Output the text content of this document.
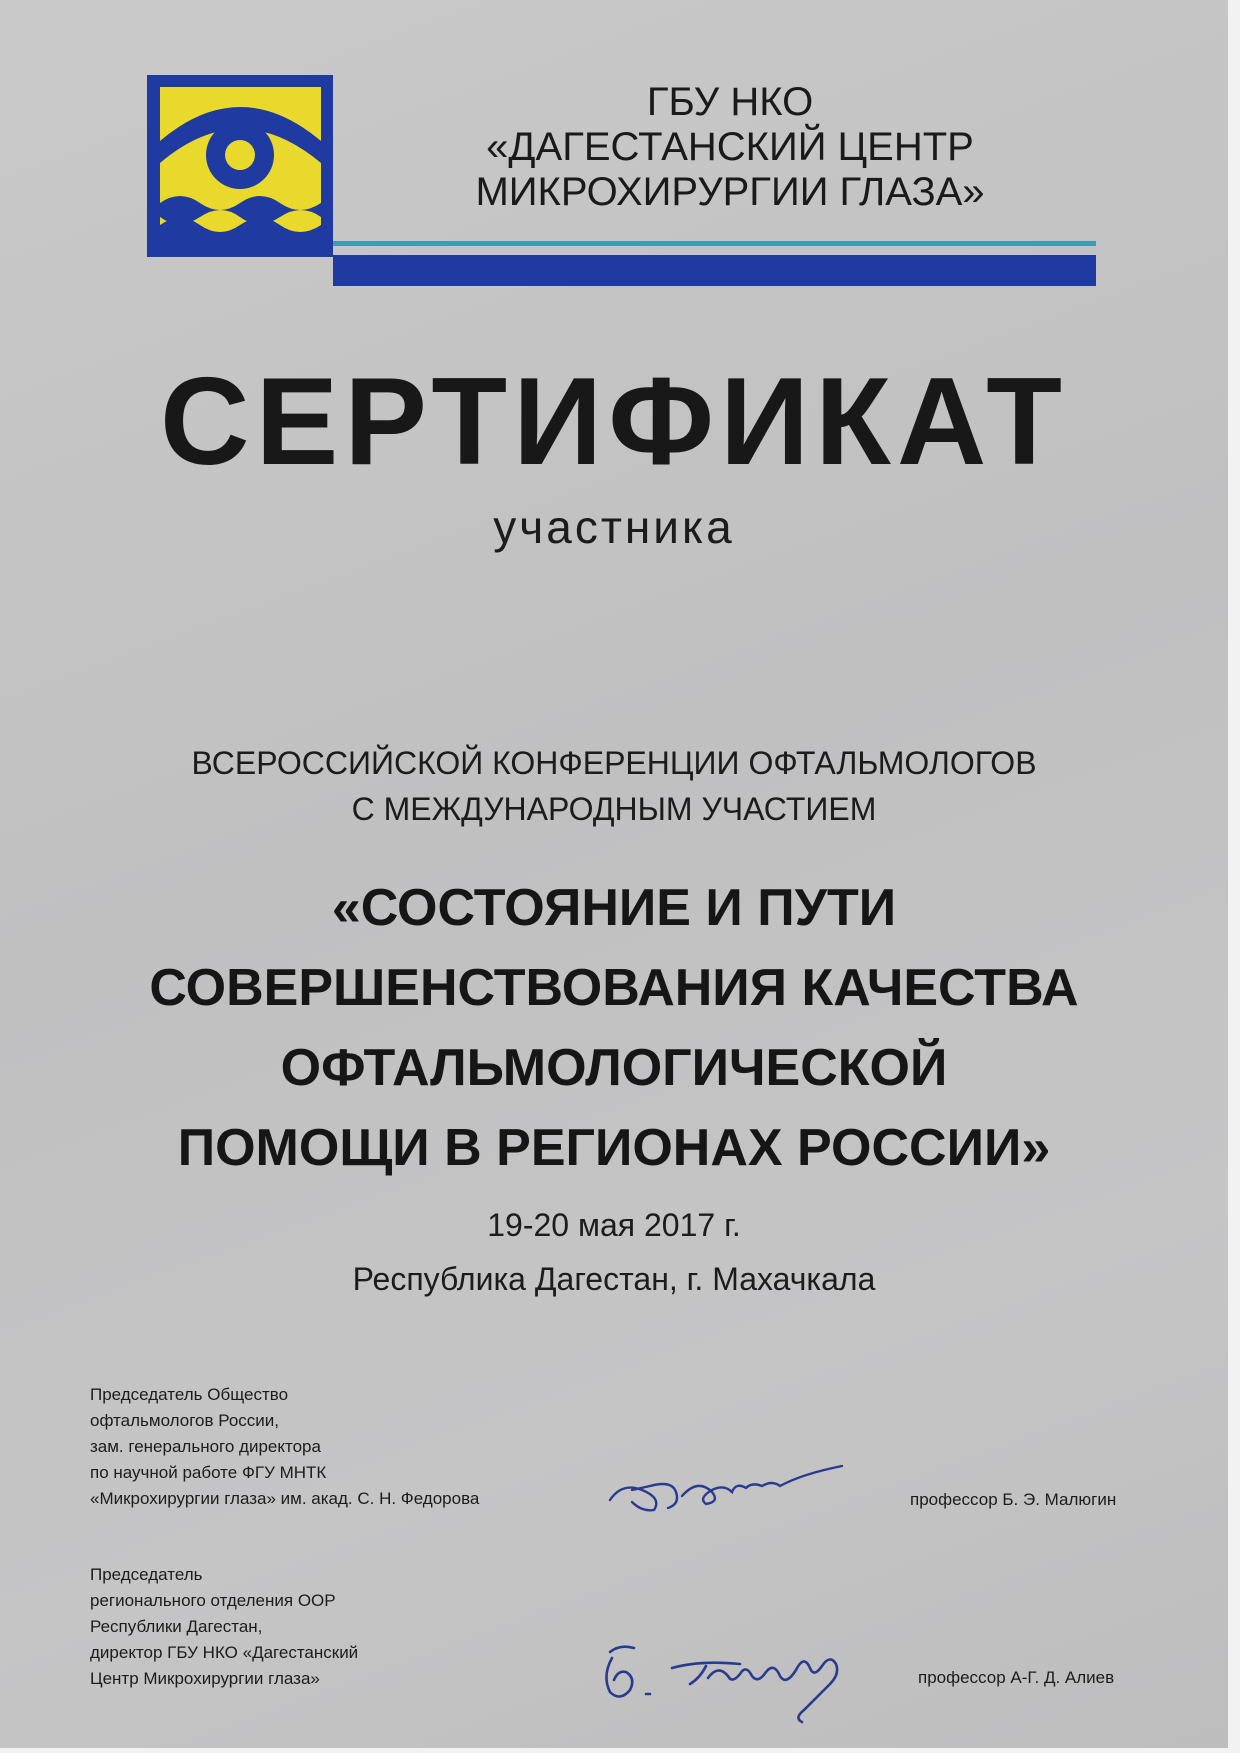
ГБУ НКО
«ДАГЕСТАНСКИЙ ЦЕНТР
МИКРОХИРУРГИИ ГЛАЗА»
СЕРТИФИКАТ
участника
ВСЕРОССИЙСКОЙ КОНФЕРЕНЦИИ ОФТАЛЬМОЛОГОВ
С МЕЖДУНАРОДНЫМ УЧАСТИЕМ
«СОСТОЯНИЕ И ПУТИ
СОВЕРШЕНСТВОВАНИЯ КАЧЕСТВА
ОФТАЛЬМОЛОГИЧЕСКОЙ
ПОМОЩИ В РЕГИОНАХ РОССИИ»
19-20 мая 2017 г.
Республика Дагестан, г. Махачкала
Председатель Общество
офтальмологов России,
зам. генерального директора
по научной работе ФГУ МНТК
«Микрохирургии глаза» им. акад. С. Н. Федорова	профессор Б. Э. Малюгин
Председатель
регионального отделения ООР
Республики Дагестан,
директор ГБУ НКО «Дагестанский
Центр Микрохирургии глаза»	профессор А-Г. Д. Алиев
